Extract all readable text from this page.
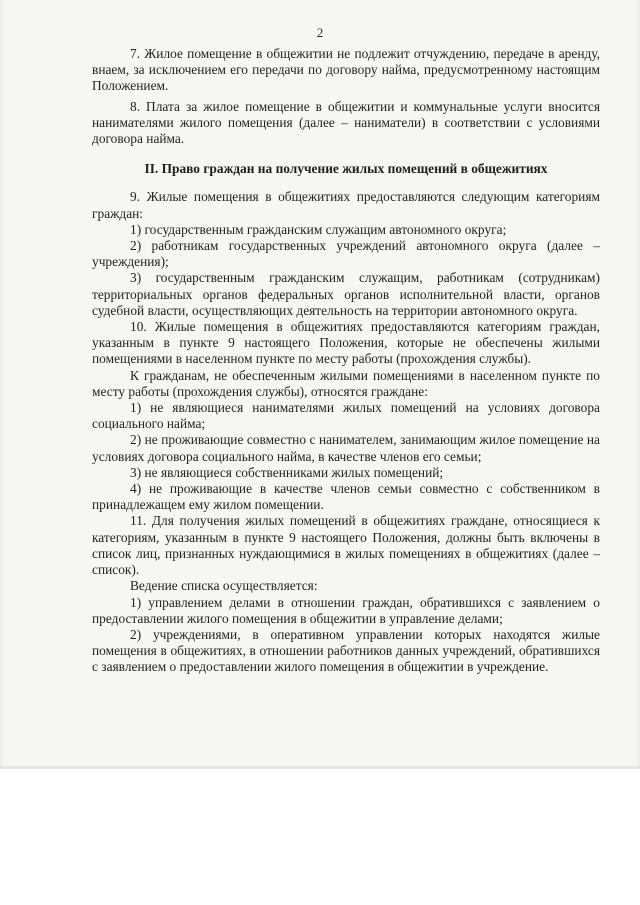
2

7. Жилое помещение в общежитии не подлежит отчуждению, передаче в аренду, внаем, за исключением его передачи по договору найма, предусмотренному настоящим Положением.

8. Плата за жилое помещение в общежитии и коммунальные услуги вносится нанимателями жилого помещения (далее – наниматели) в соответствии с условиями договора найма.

II. Право граждан на получение жилых помещений в общежитиях

9. Жилые помещения в общежитиях предоставляются следующим категориям граждан:

1) государственным гражданским служащим автономного округа;

2) работникам государственных учреждений автономного округа (далее – учреждения);

3) государственным гражданским служащим, работникам (сотрудникам) территориальных органов федеральных органов исполнительной власти, органов судебной власти, осуществляющих деятельность на территории автономного округа.

10. Жилые помещения в общежитиях предоставляются категориям граждан, указанным в пункте 9 настоящего Положения, которые не обеспечены жилыми помещениями в населенном пункте по месту работы (прохождения службы).

К гражданам, не обеспеченным жилыми помещениями в населенном пункте по месту работы (прохождения службы), относятся граждане:

1) не являющиеся нанимателями жилых помещений на условиях договора социального найма;

2) не проживающие совместно с нанимателем, занимающим жилое помещение на условиях договора социального найма, в качестве членов его семьи;

3) не являющиеся собственниками жилых помещений;

4) не проживающие в качестве членов семьи совместно с собственником в принадлежащем ему жилом помещении.

11. Для получения жилых помещений в общежитиях граждане, относящиеся к категориям, указанным в пункте 9 настоящего Положения, должны быть включены в список лиц, признанных нуждающимися в жилых помещениях в общежитиях (далее – список).

Ведение списка осуществляется:

1) управлением делами в отношении граждан, обратившихся с заявлением о предоставлении жилого помещения в общежитии в управление делами;

2) учреждениями, в оперативном управлении которых находятся жилые помещения в общежитиях, в отношении работников данных учреждений, обратившихся с заявлением о предоставлении жилого помещения в общежитии в учреждение.
